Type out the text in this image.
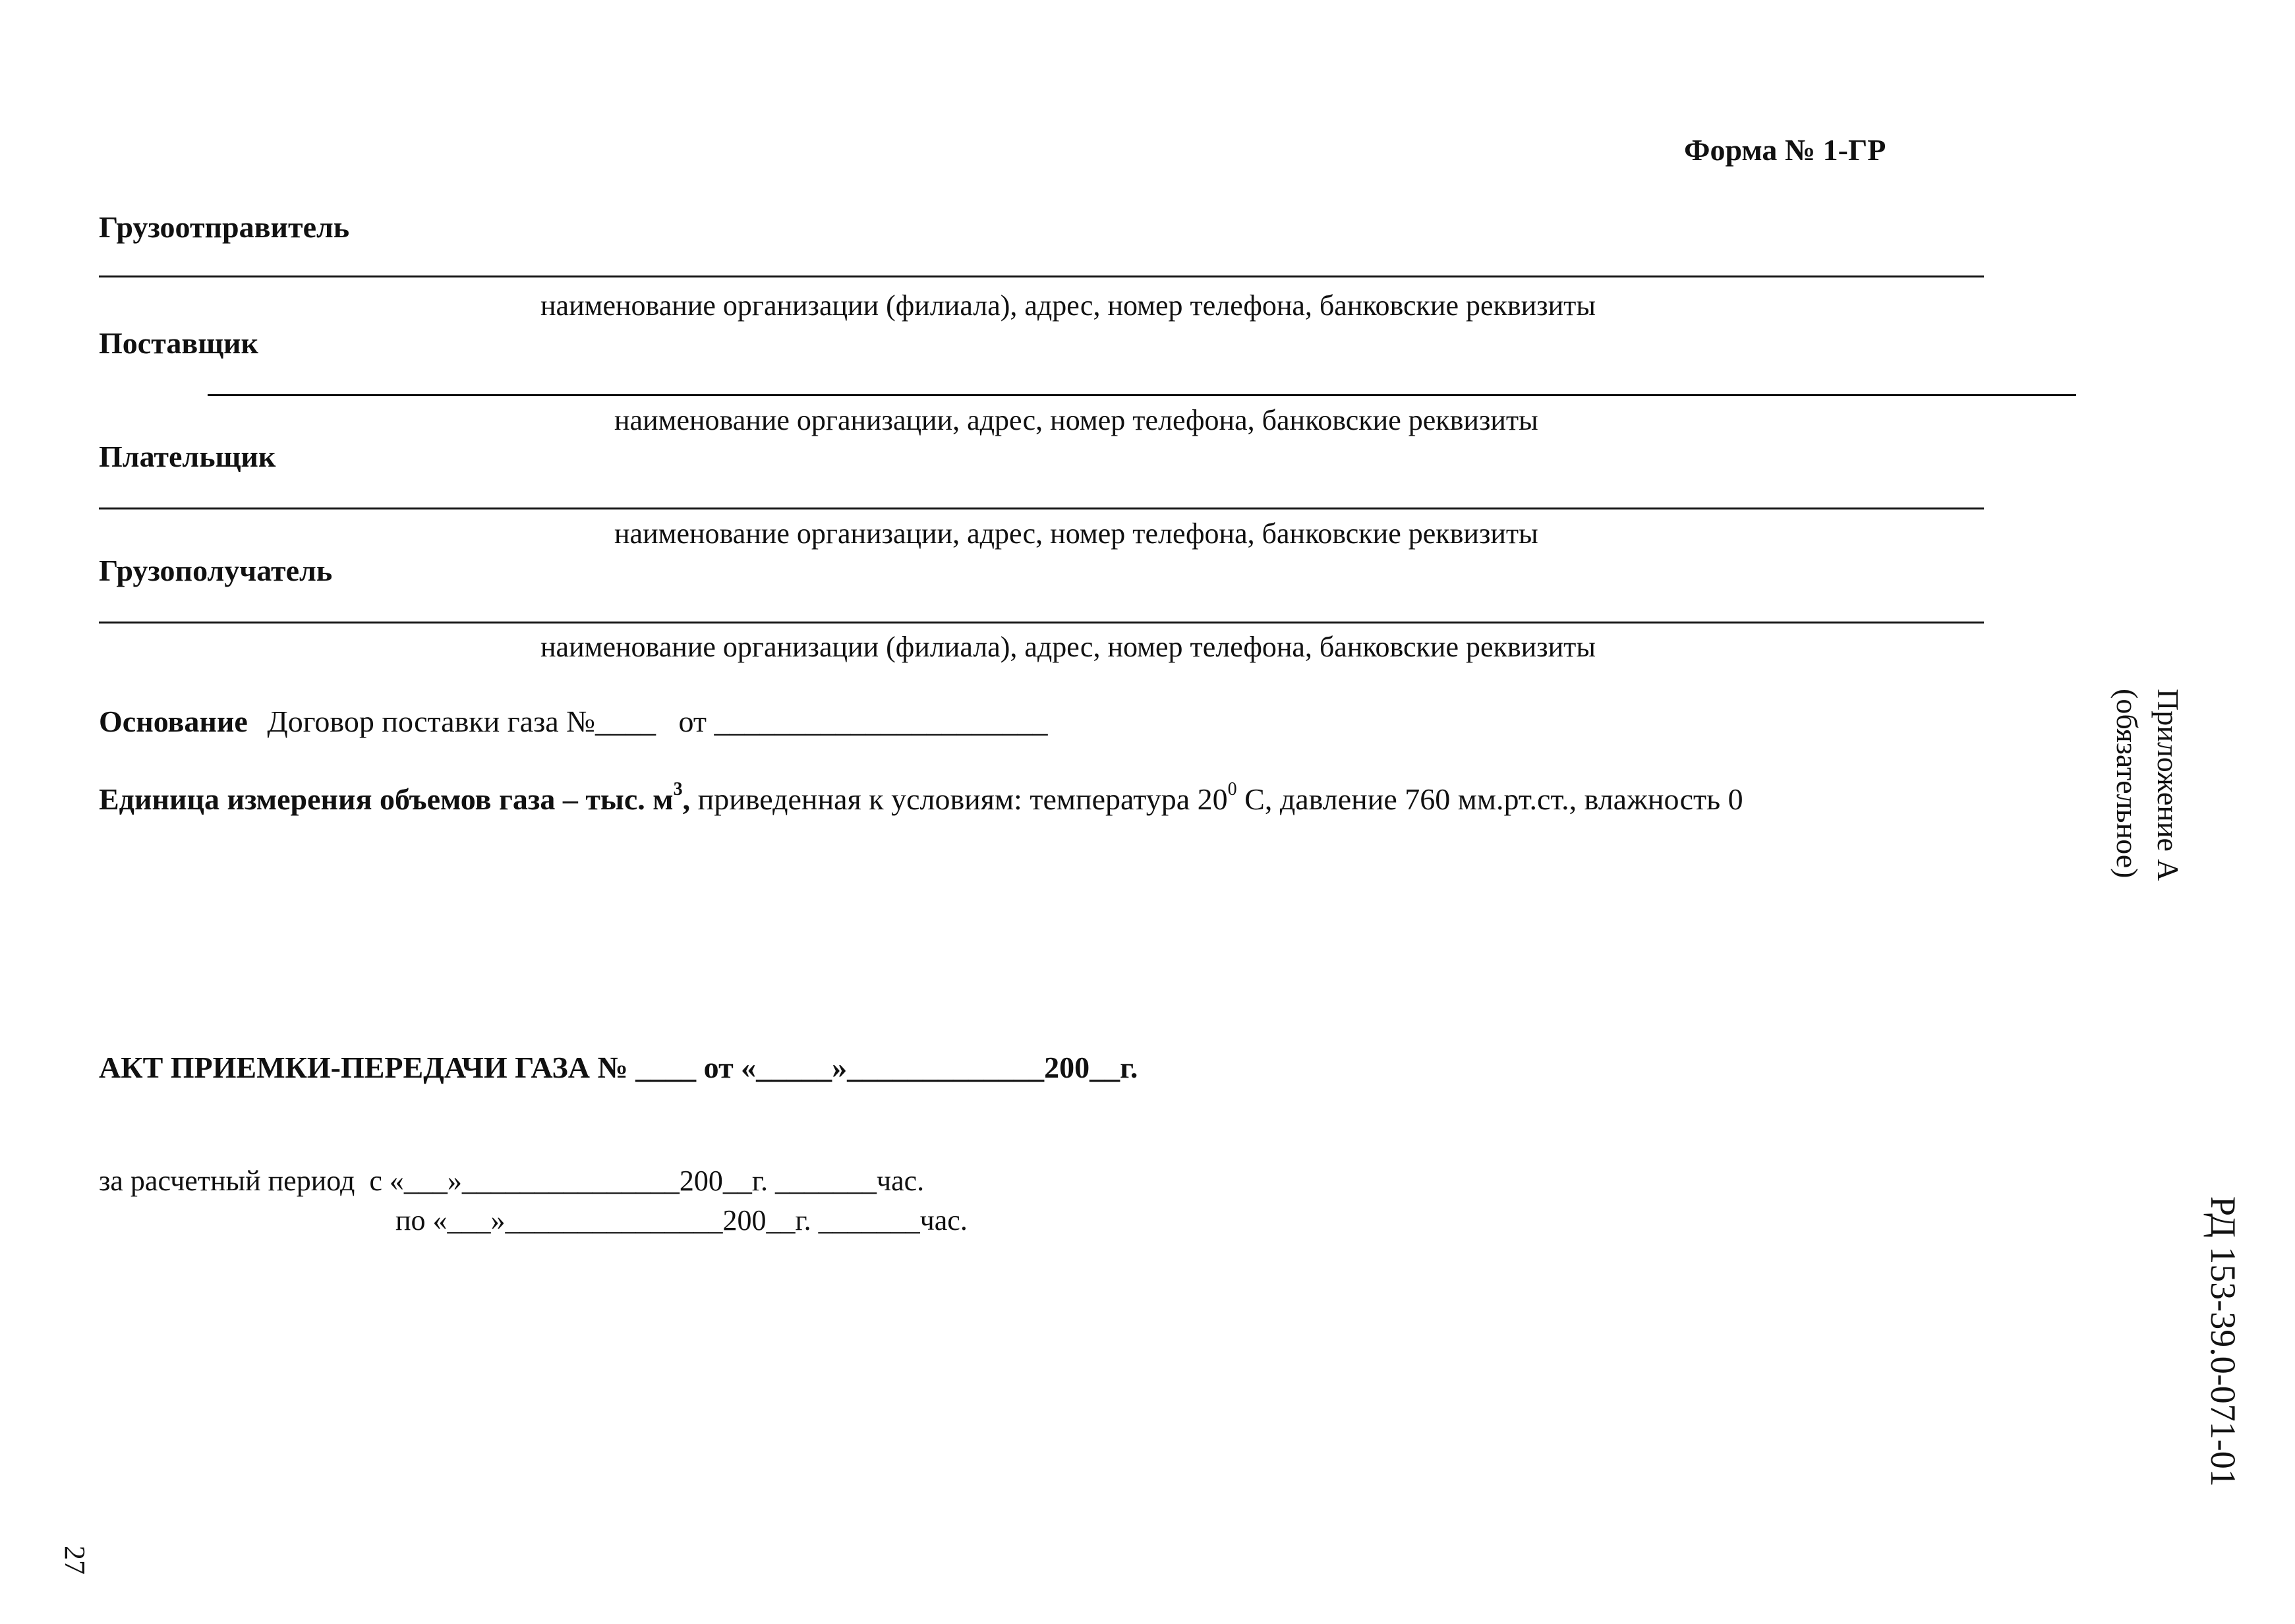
Форма № 1-ГР
Грузоотправитель
наименование организации (филиала), адрес, номер телефона, банковские реквизиты
Поставщик
наименование организации, адрес, номер телефона, банковские реквизиты
Плательщик
наименование организации, адрес, номер телефона, банковские реквизиты
Грузополучатель
наименование организации (филиала), адрес, номер телефона, банковские реквизиты
Основание Договор поставки газа №____   от ______________________
Единица измерения объемов газа – тыс. $м^3$, приведенная к условиям: температура $20^0$ С, давление 760 мм.рт.ст., влажность 0
АКТ ПРИЕМКИ-ПЕРЕДАЧИ ГАЗА № ____ от «_____»_____________200__г.
за расчетный период  с «___»_______________200__г. _______час.
по «___»_______________200__г. _______час.
Приложение А
(обязательное)
РД 153-39.0-071-01
27
